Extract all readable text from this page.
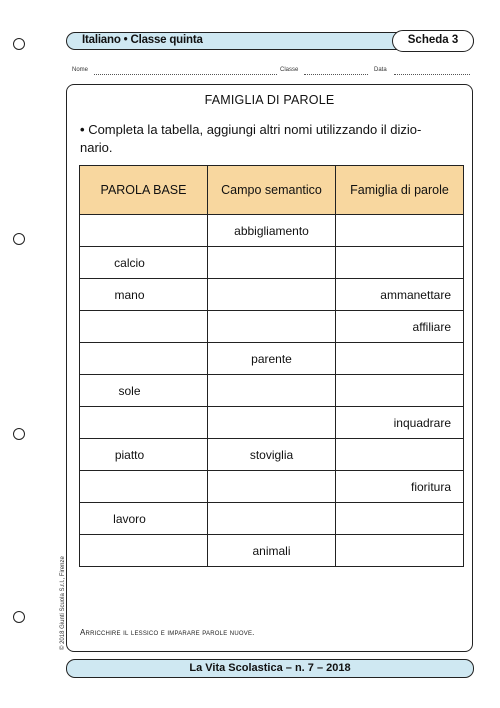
Italiano • Classe quinta	Scheda 3
Nome	Classe	Data
FAMIGLIA DI PAROLE
• Completa la tabella, aggiungi altri nomi utilizzando il dizio-
nario.
PAROLA BASE	Campo semantico	Famiglia di parole
	abbigliamento	
calcio		
mano		ammanettare
		affiliare
	parente	
sole		
		inquadrare
piatto	stoviglia	
		fioritura
lavoro		
	animali	
Arricchire il lessico e imparare parole nuove.
© 2018 Giunti Scuola S.r.l., Firenze
La Vita Scolastica – n. 7 – 2018
